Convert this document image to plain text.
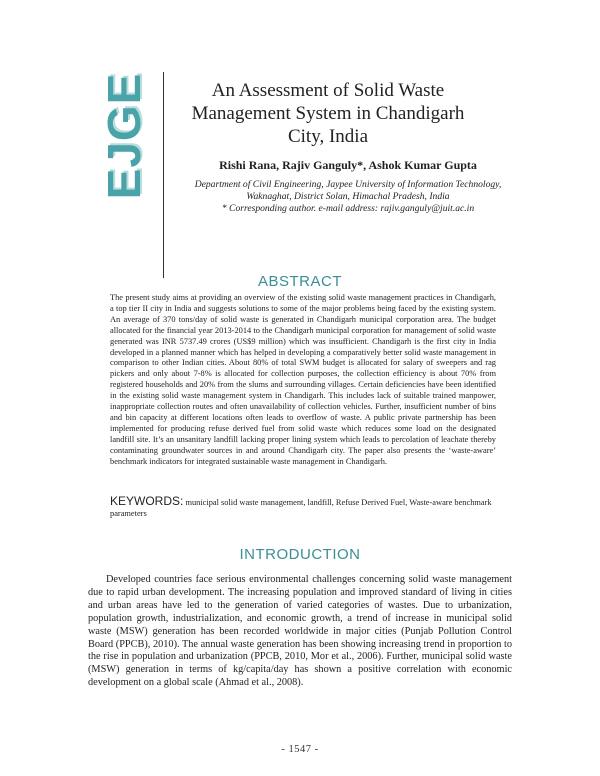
EJGE	An Assessment of Solid Waste Management System in Chandigarh City, India
Rishi Rana, Rajiv Ganguly*, Ashok Kumar Gupta
Department of Civil Engineering, Jaypee University of Information Technology,
Waknaghat, District Solan, Himachal Pradesh, India
* Corresponding author. e-mail address: rajiv.ganguly@juit.ac.in
ABSTRACT
The present study aims at providing an overview of the existing solid waste management practices in Chandigarh, a top tier II city in India and suggests solutions to some of the major problems being faced by the existing system. An average of 370 tons/day of solid waste is generated in Chandigarh municipal corporation area. The budget allocated for the financial year 2013-2014 to the Chandigarh municipal corporation for management of solid waste generated was INR 5737.49 crores (US$9 million) which was insufficient. Chandigarh is the first city in India developed in a planned manner which has helped in developing a comparatively better solid waste management in comparison to other Indian cities. About 80% of total SWM budget is allocated for salary of sweepers and rag pickers and only about 7-8% is allocated for collection purposes, the collection efficiency is about 70% from registered households and 20% from the slums and surrounding villages. Certain deficiencies have been identified in the existing solid waste management system in Chandigarh. This includes lack of suitable trained manpower, inappropriate collection routes and often unavailability of collection vehicles. Further, insufficient number of bins and bin capacity at different locations often leads to overflow of waste. A public private partnership has been implemented for producing refuse derived fuel from solid waste which reduces some load on the designated landfill site. It’s an unsanitary landfill lacking proper lining system which leads to percolation of leachate thereby contaminating groundwater sources in and around Chandigarh city. The paper also presents the ‘waste-aware’ benchmark indicators for integrated sustainable waste management in Chandigarh.
KEYWORDS: municipal solid waste management, landfill, Refuse Derived Fuel, Waste-aware benchmark parameters
INTRODUCTION
Developed countries face serious environmental challenges concerning solid waste management due to rapid urban development. The increasing population and improved standard of living in cities and urban areas have led to the generation of varied categories of wastes. Due to urbanization, population growth, industrialization, and economic growth, a trend of increase in municipal solid waste (MSW) generation has been recorded worldwide in major cities (Punjab Pollution Control Board (PPCB), 2010). The annual waste generation has been showing increasing trend in proportion to the rise in population and urbanization (PPCB, 2010, Mor et al., 2006). Further, municipal solid waste (MSW) generation in terms of kg/capita/day has shown a positive correlation with economic development on a global scale (Ahmad et al., 2008).
- 1547 -
